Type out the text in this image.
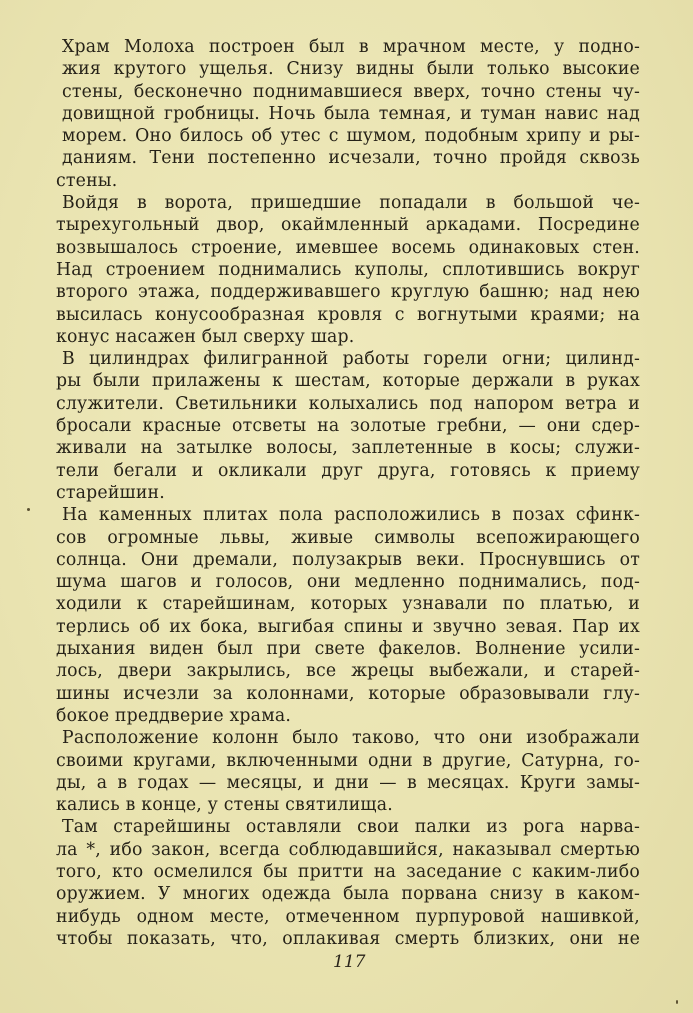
Храм Молоха построен был в мрачном месте, у подно-
жия крутого ущелья. Снизу видны были только высокие
стены, бесконечно поднимавшиеся вверх, точно стены чу-
довищной гробницы. Ночь была темная, и туман навис над
морем. Оно билось об утес с шумом, подобным хрипу и ры-
даниям. Тени постепенно исчезали, точно пройдя сквозь
стены.
Войдя в ворота, пришедшие попадали в большой че-
тырехугольный двор, окаймленный аркадами. Посредине
возвышалось строение, имевшее восемь одинаковых стен.
Над строением поднимались куполы, сплотившись вокруг
второго этажа, поддерживавшего круглую башню; над нею
высилась конусообразная кровля с вогнутыми краями; на
конус насажен был сверху шар.
В цилиндрах филигранной работы горели огни; цилинд-
ры были прилажены к шестам, которые держали в руках
служители. Светильники колыхались под напором ветра и
бросали красные отсветы на золотые гребни, — они сдер-
живали на затылке волосы, заплетенные в косы; служи-
тели бегали и окликали друг друга, готовясь к приему
старейшин.
На каменных плитах пола расположились в позах сфинк-
сов огромные львы, живые символы всепожирающего
солнца. Они дремали, полузакрыв веки. Проснувшись от
шума шагов и голосов, они медленно поднимались, под-
ходили к старейшинам, которых узнавали по платью, и
терлись об их бока, выгибая спины и звучно зевая. Пар их
дыхания виден был при свете факелов. Волнение усили-
лось, двери закрылись, все жрецы выбежали, и старей-
шины исчезли за колоннами, которые образовывали глу-
бокое преддверие храма.
Расположение колонн было таково, что они изображали
своими кругами, включенными одни в другие, Сатурна, го-
ды, а в годах — месяцы, и дни — в месяцах. Круги замы-
кались в конце, у стены святилища.
Там старейшины оставляли свои палки из рога нарва-
ла *, ибо закон, всегда соблюдавшийся, наказывал смертью
того, кто осмелился бы притти на заседание с каким-либо
оружием. У многих одежда была порвана снизу в каком-
нибудь одном месте, отмеченном пурпуровой нашивкой,
чтобы показать, что, оплакивая смерть близких, они не
117
